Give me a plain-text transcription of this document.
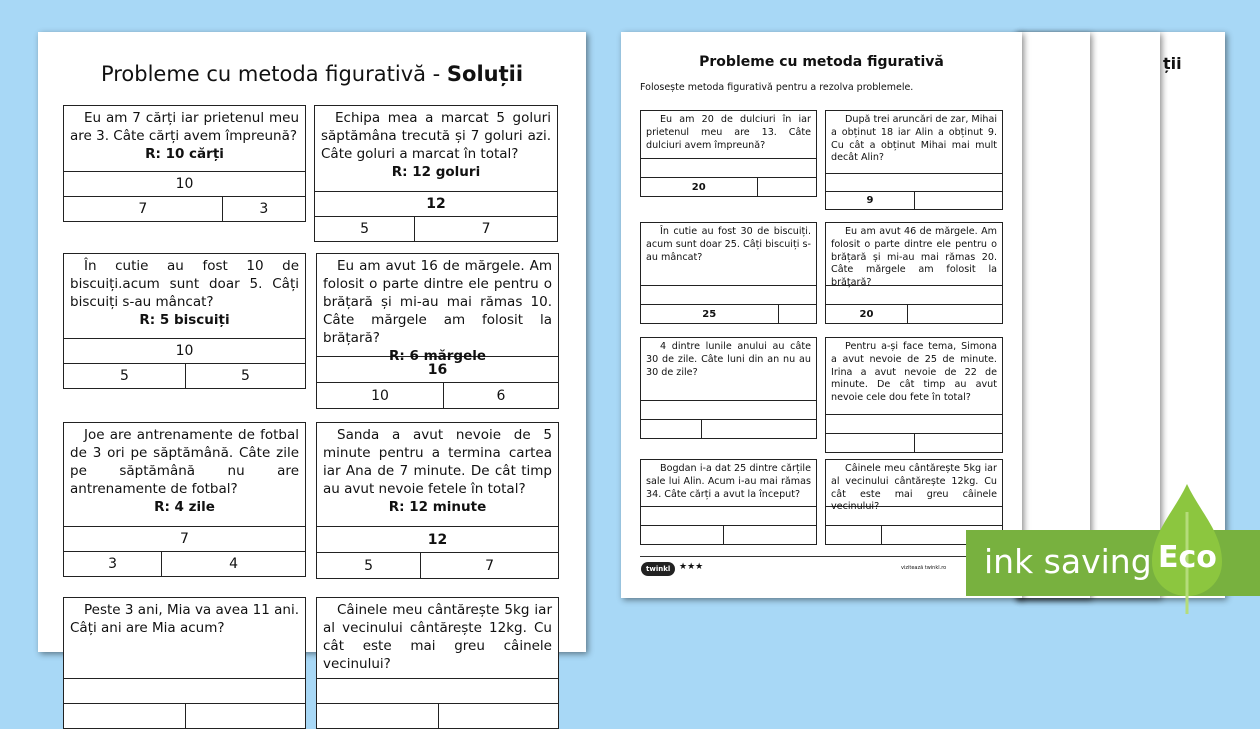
Probleme cu metoda figurativă - Soluții
Eu am 7 cărți iar prietenul meu are 3. Câte cărți avem împreună?
R: 10 cărți
10
7	3
Echipa mea a marcat 5 goluri săptămâna trecută și 7 goluri azi. Câte goluri a marcat în total?
R: 12 goluri
12
5	7
În cutie au fost 10 de biscuiți.acum sunt doar 5. Câți biscuiți s-au mâncat?
R: 5 biscuiți
10
5	5
Eu am avut 16 de mărgele. Am folosit o parte dintre ele pentru o brățară și mi-au mai rămas 10. Câte mărgele am folosit la brățară?
R: 6 mărgele
16
10	6
Joe are antrenamente de fotbal de 3 ori pe săptămână. Câte zile pe săptămână nu are antrenamente de fotbal?
R: 4 zile
7
3	4
Sanda a avut nevoie de 5 minute pentru a termina cartea iar Ana de 7 minute. De cât timp au avut nevoie fetele în total?
R: 12 minute
12
5	7
Peste 3 ani, Mia va avea 11 ani. Câți ani are Mia acum?
Câinele meu cântărește 5kg iar al vecinului cântărește 12kg. Cu cât este mai greu câinele vecinului?
ții
Probleme cu metoda figurativă
Folosește metoda figurativă pentru a rezolva problemele.
twinkl ★★★	vizitează twinkl.ro
Eu am 20 de dulciuri în iar prietenul meu are 13. Câte dulciuri avem împreună?
20
După trei aruncări de zar, Mihai a obținut 18 iar Alin a obținut 9. Cu cât a obținut Mihai mai mult decât Alin?
9
În cutie au fost 30 de biscuiți. acum sunt doar 25. Câți biscuiți s-au mâncat?
25
Eu am avut 46 de mărgele. Am folosit o parte dintre ele pentru o brățară și mi-au mai rămas 20. Câte mărgele am folosit la brățară?
20
4 dintre lunile anului au câte 30 de zile. Câte luni din an nu au 30 de zile?
Pentru a-și face tema, Simona a avut nevoie de 25 de minute. Irina a avut nevoie de 22 de minute. De cât timp au avut nevoie cele dou fete în total?
Bogdan i-a dat 25 dintre cărțile sale lui Alin. Acum i-au mai rămas 34. Câte cărți a avut la început?
Câinele meu cântărește 5kg iar al vecinului cântărește 12kg. Cu cât este mai greu câinele vecinului?
ink saving Eco
